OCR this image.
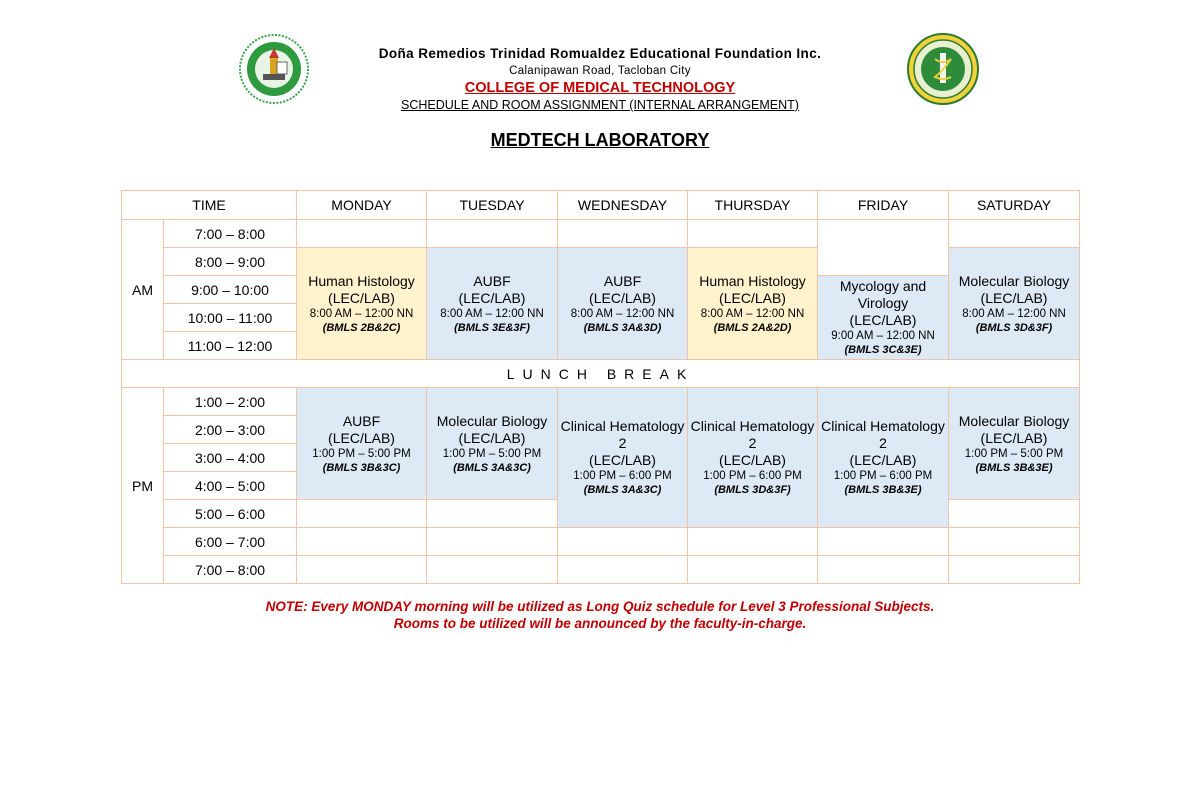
Doña Remedios Trinidad Romualdez Educational Foundation Inc.
Calanipawan Road, Tacloban City
COLLEGE OF MEDICAL TECHNOLOGY
SCHEDULE AND ROOM ASSIGNMENT (INTERNAL ARRANGEMENT)
MEDTECH LABORATORY
TIME		MONDAY	TUESDAY	WEDNESDAY	THURSDAY	FRIDAY	SATURDAY
AM	7:00 – 8:00						
	8:00 – 9:00	Human Histology
(LEC/LAB)
8:00 AM – 12:00 NN
(BMLS 2B&2C)	AUBF
(LEC/LAB)
8:00 AM – 12:00 NN
(BMLS 3E&3F)	AUBF
(LEC/LAB)
8:00 AM – 12:00 NN
(BMLS 3A&3D)	Human Histology
(LEC/LAB)
8:00 AM – 12:00 NN
(BMLS 2A&2D)		Molecular Biology
(LEC/LAB)
8:00 AM – 12:00 NN
(BMLS 3D&3F)

	9:00 – 10:00					Mycology and Virology
(LEC/LAB)
9:00 AM – 12:00 NN
(BMLS 3C&3E)	

	10:00 – 11:00						
	11:00 – 12:00						
LUNCH BREAK							
PM	1:00 – 2:00	AUBF
(LEC/LAB)
1:00 PM – 5:00 PM
(BMLS 3B&3C)	Molecular Biology
(LEC/LAB)
1:00 PM – 5:00 PM
(BMLS 3A&3C)	Clinical Hematology 2
(LEC/LAB)
1:00 PM – 6:00 PM
(BMLS 3A&3C)	Clinical Hematology 2
(LEC/LAB)
1:00 PM – 6:00 PM
(BMLS 3D&3F)	Clinical Hematology 2
(LEC/LAB)
1:00 PM – 6:00 PM
(BMLS 3B&3E)	Molecular Biology
(LEC/LAB)
1:00 PM – 5:00 PM
(BMLS 3B&3E)

	2:00 – 3:00						
	3:00 – 4:00						
	4:00 – 5:00						
	5:00 – 6:00						
	6:00 – 7:00						
	7:00 – 8:00						
NOTE: Every MONDAY morning will be utilized as Long Quiz schedule for Level 3 Professional Subjects.
Rooms to be utilized will be announced by the faculty-in-charge.
